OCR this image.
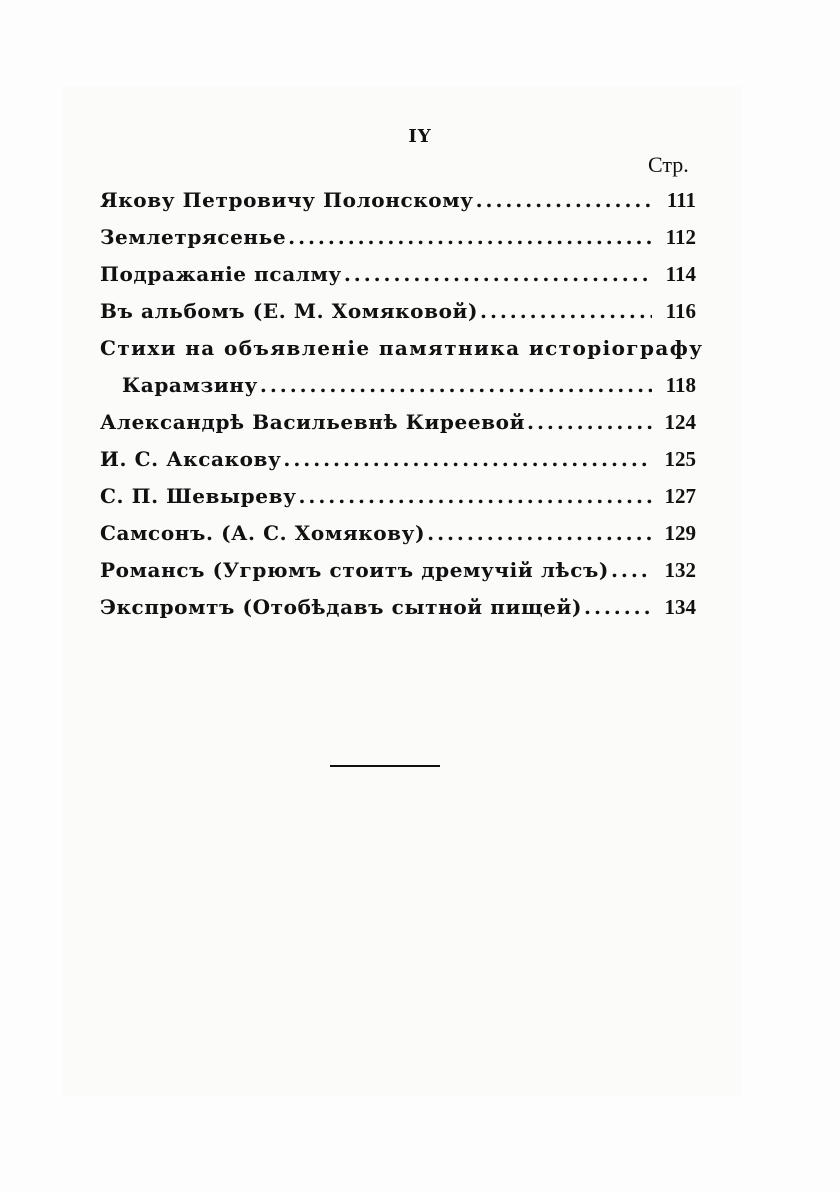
IY
Стр.
Якову Петровичу Полонскому . . .	111
Землетрясенье . . .	112
Подражаніе псалму . . .	114
Въ альбомъ (Е. М. Хомяковой) . . .	116
Стихи на объявленіе памятника исторіографу
Карамзину . . .	118
Александрѣ Васильевнѣ Киреевой . . .	124
И. С. Аксакову . . .	125
С. П. Шевыреву . . .	127
Самсонъ. (А. С. Хомякову) . . .	129
Романсъ (Угрюмъ стоитъ дремучій лѣсъ) . . .	132
Экспромтъ (Отобѣдавъ сытной пищей) . . .	134
